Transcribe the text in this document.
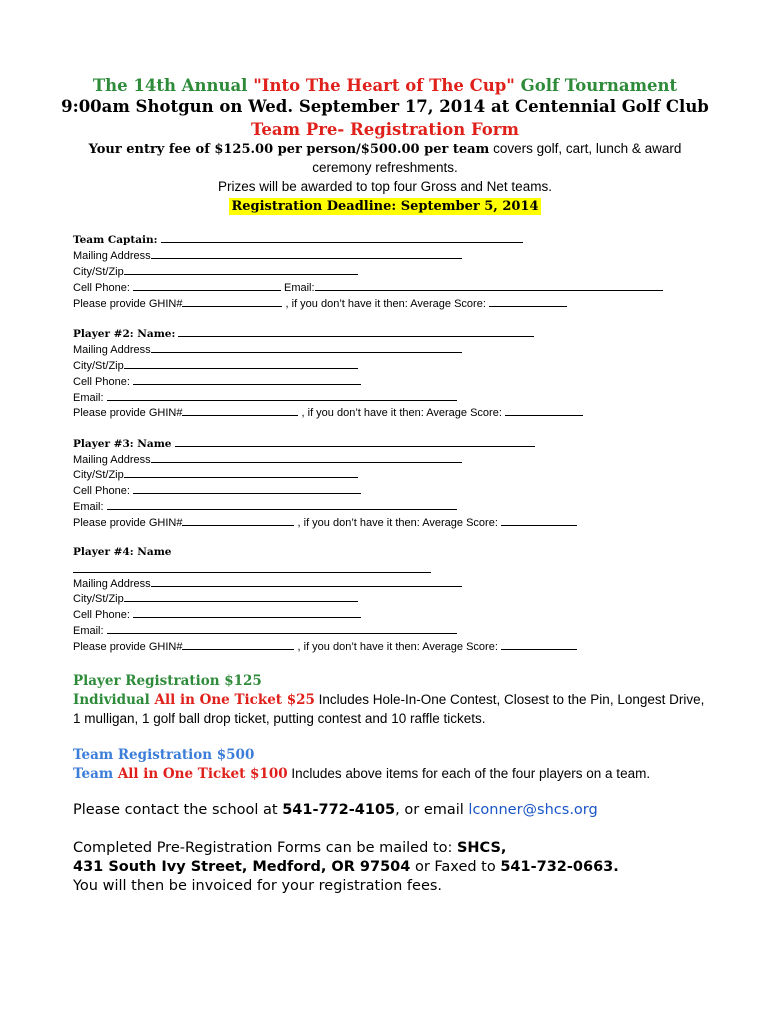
The 14th Annual "Into The Heart of The Cup" Golf Tournament
9:00am Shotgun on Wed. September 17, 2014 at Centennial Golf Club
Team Pre- Registration Form
Your entry fee of $125.00 per person/$500.00 per team covers golf, cart, lunch & award
ceremony refreshments.
Prizes will be awarded to top four Gross and Net teams.
Registration Deadline: September 5, 2014
Team Captain:
Mailing Address
City/St/Zip
Cell Phone:	Email:
Please provide GHIN#	, if you don’t have it then: Average Score:
Player #2: Name:
Mailing Address
City/St/Zip
Cell Phone:
Email:
Please provide GHIN#	, if you don’t have it then: Average Score:
Player #3: Name
Mailing Address
City/St/Zip
Cell Phone:
Email:
Please provide GHIN#	, if you don’t have it then: Average Score:
Player #4: Name
Mailing Address
City/St/Zip
Cell Phone:
Email:
Please provide GHIN#	, if you don’t have it then: Average Score:
Player Registration $125
Individual All in One Ticket $25 Includes Hole-In-One Contest, Closest to the Pin, Longest Drive,
1 mulligan, 1 golf ball drop ticket, putting contest and 10 raffle tickets.
Team Registration $500
Team All in One Ticket $100 Includes above items for each of the four players on a team.
Please contact the school at 541-772-4105, or email lconner@shcs.org
Completed Pre-Registration Forms can be mailed to: SHCS,
431 South Ivy Street, Medford, OR 97504 or Faxed to 541-732-0663.
You will then be invoiced for your registration fees.
